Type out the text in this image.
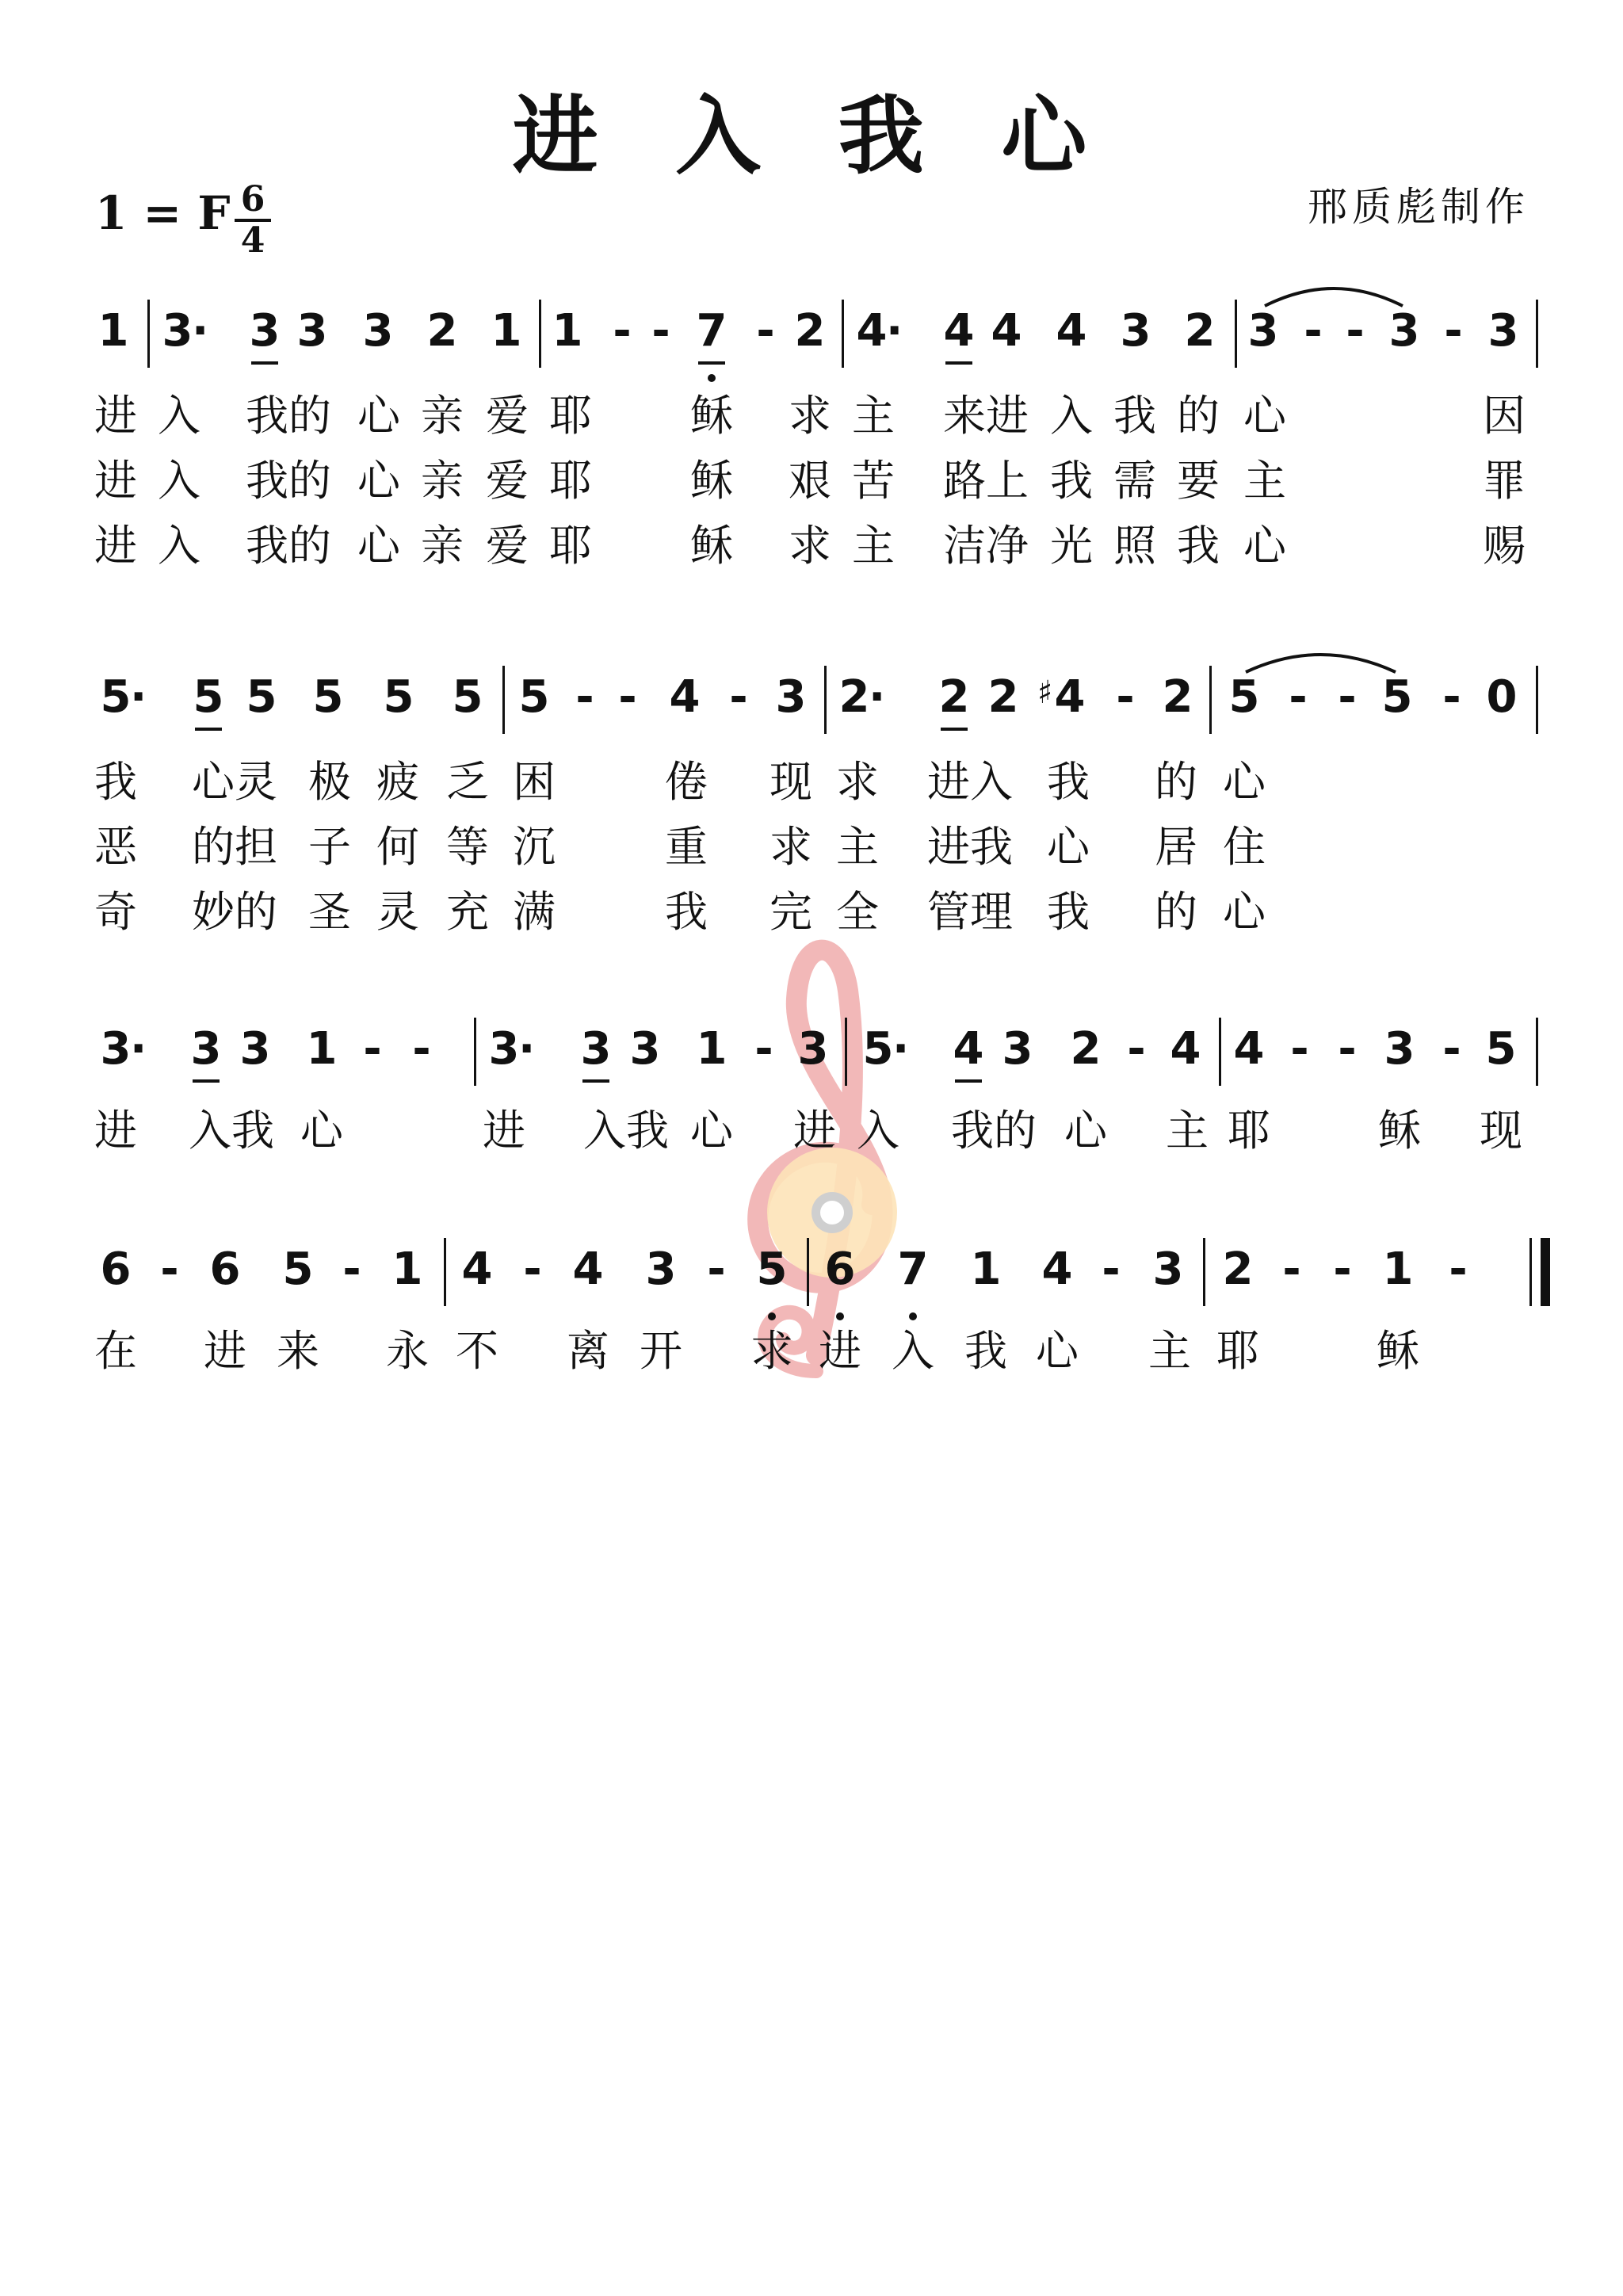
进 入 我 心
1 = F 6
4
邢质彪制作
1 3
· 3 3 3 2 1 1 - - 7 - 2 4
· 4 4 4 3 2 3 - - 3 - 3
进 入 我的 心 亲 爱 耶 稣 求 主 来进 入 我 的 心	因
进 入 我的 心 亲 爱 耶 稣 艰 苦 路上 我 需 要 主	罪
进 入 我的 心 亲 爱 耶 稣 求 主 洁净 光 照 我 心	赐
5
· 5 5 5 5 5 5 - - 4 - 3 2
· 2 2 4
♯ - 2 5 - - 5 - 0
我 心灵 极 疲 乏 困	倦 现 求 进入 我 的 心
恶 的担 子 何 等 沉	重 求 主 进我 心 居 住
奇 妙的 圣 灵 充 满	我 完 全 管理 我 的 心
3
· 3 3 1 - - 3
· 3 3 1 - 3 5
· 4 3 2 - 4 4 - - 3 - 5
进 入我 心	进 入我 心 进 入 我的 心 主 耶	稣 现
6 - 6 5 - 1 4 - 4 3 - 5 6 7 1 4 - 3 2 - - 1 -
在 进 来 永 不 离 开 求 进 入 我 心 主 耶	稣
